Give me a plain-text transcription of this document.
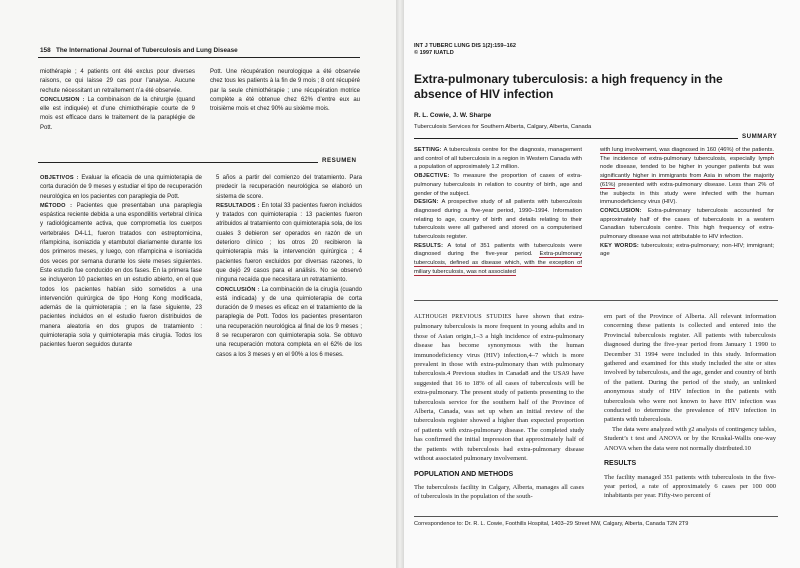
158 The International Journal of Tuberculosis and Lung Disease

miothérapie ; 4 patients ont été exclus pour diverses raisons, ce qui laisse 29 cas pour l’analyse. Aucune rechute nécessitant un retraitement n’a été observée.

CONCLUSION : La combinaison de la chirurgie (quand elle est indiquée) et d’une chimiothérapie courte de 9 mois est efficace dans le traitement de la paraplégie de Pott.

Pott. Une récupération neurologique a été observée chez tous les patients à la fin de 9 mois ; 8 ont récupéré par la seule chimiothérapie ; une récupération motrice complète a été obtenue chez 62% d’entre eux au troisième mois et chez 90% au sixième mois.

RESUMEN

OBJETIVOS : Evaluar la eficacia de una quimioterapia de corta duración de 9 meses y estudiar el tipo de recuperación neurológica en los pacientes con paraplegia de Pott.

MÉTODO : Pacientes que presentaban una paraplegia espástica reciente debida a una espondilitis vertebral clínica y radiológicamente activa, que comprometía los cuerpos vertebrales D4-L1, fueron tratados con estreptomicina, rifampicina, isoniazida y etambutol diariamente durante los dos primeros meses, y luego, con rifampicina e isoniacida dos veces por semana durante los siete meses siguientes. Este estudio fue conducido en dos fases. En la primera fase se incluyeron 10 pacientes en un estudio abierto, en el que todos los pacientes habían sido sometidos a una intervención quirúrgica de tipo Hong Kong modificada, además de la quimioterapia ; en la fase siguiente, 23 pacientes incluidos en el estudio fueron distribuidos de manera aleatoria en dos grupos de tratamiento : quimioterapia sola y quimioterapia más cirugía. Todos los pacientes fueron seguidos durante

5 años a partir del comienzo del tratamiento. Para predecir la recuperación neurológica se elaboró un sistema de score.

RESULTADOS : En total 33 pacientes fueron incluidos y tratados con quimioterapia : 13 pacientes fueron atribuidos al tratamiento con quimioterapia sola, de los cuales 3 debieron ser operados en razón de un deterioro clínico ; los otros 20 recibieron la quimioterapia más la intervención quirúrgica ; 4 pacientes fueron excluidos por diversas razones, lo que dejó 29 casos para el análisis. No se observó ninguna recaída que necesitara un retratamiento.

CONCLUSIÓN : La combinación de la cirugía (cuando está indicada) y de una quimioterapia de corta duración de 9 meses es eficaz en el tratamiento de la paraplegia de Pott. Todos los pacientes presentaron una recuperación neurológica al final de los 9 meses ; 8 se recuperaron con quimioterapia sola. Se obtuvo una recuperación motora completa en el 62% de los casos a los 3 meses y en el 90% a los 6 meses.

INT J TUBERC LUNG DIS 1(2):159–162
© 1997 IUATLD
Extra-pulmonary tuberculosis: a high frequency in the absence of HIV infection
R. L. Cowie, J. W. Sharpe
Tuberculosis Services for Southern Alberta, Calgary, Alberta, Canada
SUMMARY

SETTING: A tuberculosis centre for the diagnosis, management and control of all tuberculosis in a region in Western Canada with a population of approximately 1.2 million.

OBJECTIVE: To measure the proportion of cases of extra-pulmonary tuberculosis in relation to country of birth, age and gender of the subject.

DESIGN: A prospective study of all patients with tuberculosis diagnosed during a five-year period, 1990–1994. Information relating to age, country of birth and details relating to their tuberculosis were all gathered and stored on a computerised tuberculosis register.

RESULTS: A total of 351 patients with tuberculosis were diagnosed during the five-year period. Extra-pulmonary tuberculosis, defined as disease which, with the exception of miliary tuberculosis, was not associated

with lung involvement, was diagnosed in 160 (46%) of the patients. The incidence of extra-pulmonary tuberculosis, especially lymph node disease, tended to be higher in younger patients but was significantly higher in immigrants from Asia in whom the majority (61%) presented with extra-pulmonary disease. Less than 2% of the subjects in this study were infected with the human immunodeficiency virus (HIV).

CONCLUSION: Extra-pulmonary tuberculosis accounted for approximately half of the cases of tuberculosis in a western Canadian tuberculosis centre. This high frequency of extra-pulmonary disease was not attributable to HIV infection.

KEY WORDS: tuberculosis; extra-pulmonary; non-HIV; immigrant; age

ALTHOUGH PREVIOUS STUDIES have shown that extra-pulmonary tuberculosis is more frequent in young adults and in those of Asian origin,1–3 a high incidence of extra-pulmonary disease has become synonymous with the human immunodeficiency virus (HIV) infection,4–7 which is more prevalent in those with extra-pulmonary than with pulmonary tuberculosis.4 Previous studies in Canada8 and the USA9 have suggested that 16 to 18% of all cases of tuberculosis will be extra-pulmonary. The present study of patients presenting to the tuberculosis service for the southern half of the Province of Alberta, Canada, was set up when an initial review of the tuberculosis register showed a higher than expected proportion of patients with extra-pulmonary disease. The completed study has confirmed the initial impression that approximately half of the patients with tuberculosis had extra-pulmonary disease without associated pulmonary involvement.

POPULATION AND METHODS

The tuberculosis facility in Calgary, Alberta, manages all cases of tuberculosis in the population of the south-

ern part of the Province of Alberta. All relevant information concerning these patients is collected and entered into the Provincial tuberculosis register. All patients with tuberculosis diagnosed during the five-year period from January 1 1990 to December 31 1994 were included in this study. Information gathered and examined for this study included the site or sites involved by tuberculosis, and the age, gender and country of birth of the patient. During the period of the study, an unlinked anonymous study of HIV infection in the patients with tuberculosis who were not known to have HIV infection was conducted to determine the prevalence of HIV infection in patients with tuberculosis.

The data were analyzed with χ2 analysis of contingency tables, Student’s t test and ANOVA or by the Kruskal-Wallis one-way ANOVA when the data were not normally distributed.10

RESULTS

The facility managed 351 patients with tuberculosis in the five-year period, a rate of approximately 6 cases per 100 000 inhabitants per year. Fifty-two percent of

Correspondence to: Dr. R. L. Cowie, Foothills Hospital, 1403–29 Street NW, Calgary, Alberta, Canada T2N 2T9
